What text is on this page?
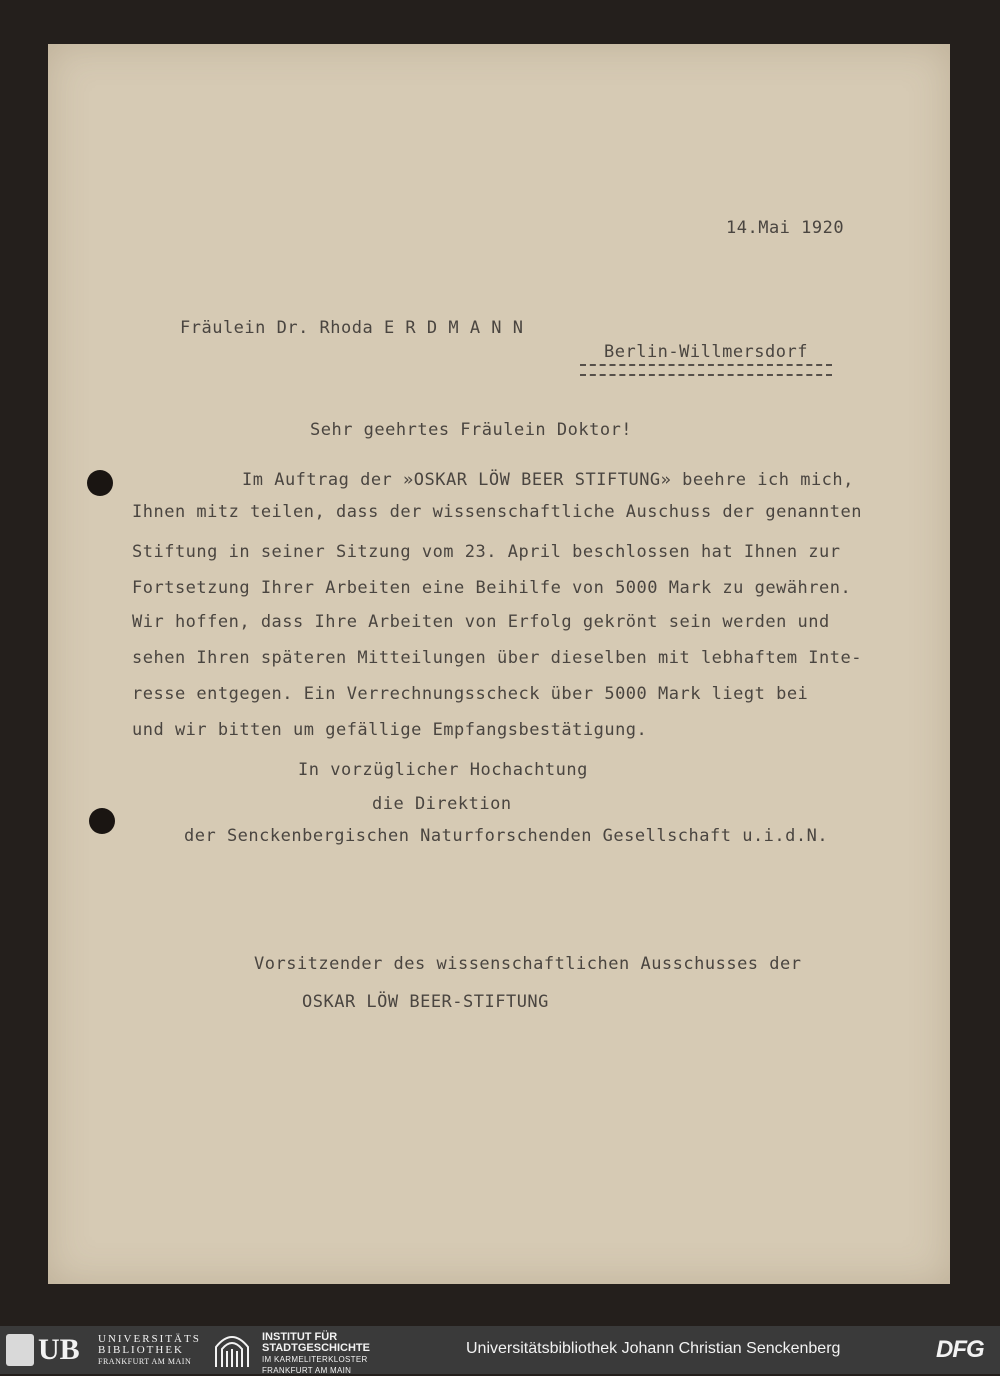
14.Mai 1920
Fräulein Dr. Rhoda E R D M A N N
Berlin-Willmersdorf
Sehr geehrtes Fräulein Doktor!
Im Auftrag der »OSKAR LÖW BEER STIFTUNG» beehre ich mich,
Ihnen mitz teilen, dass der wissenschaftliche Auschuss der genannten
Stiftung in seiner Sitzung vom 23. April beschlossen hat Ihnen zur
Fortsetzung Ihrer Arbeiten eine Beihilfe von 5000 Mark zu gewähren.
Wir hoffen, dass Ihre Arbeiten von Erfolg gekrönt sein werden und
sehen Ihren späteren Mitteilungen über dieselben mit lebhaftem Inte-
resse entgegen. Ein Verrechnungsscheck über 5000 Mark liegt bei
und wir bitten um gefällige Empfangsbestätigung.
In vorzüglicher Hochachtung
die Direktion
der Senckenbergischen Naturforschenden Gesellschaft u.i.d.N.
Vorsitzender des wissenschaftlichen Ausschusses der
OSKAR LÖW BEER-STIFTUNG
UB UNIVERSITÄTS
BIBLIOTHEK
FRANKFURT AM MAIN
INSTITUT FÜR
STADTGESCHICHTE
IM KARMELITERKLOSTER
FRANKFURT AM MAIN
Universitätsbibliothek Johann Christian Senckenberg	DFG
